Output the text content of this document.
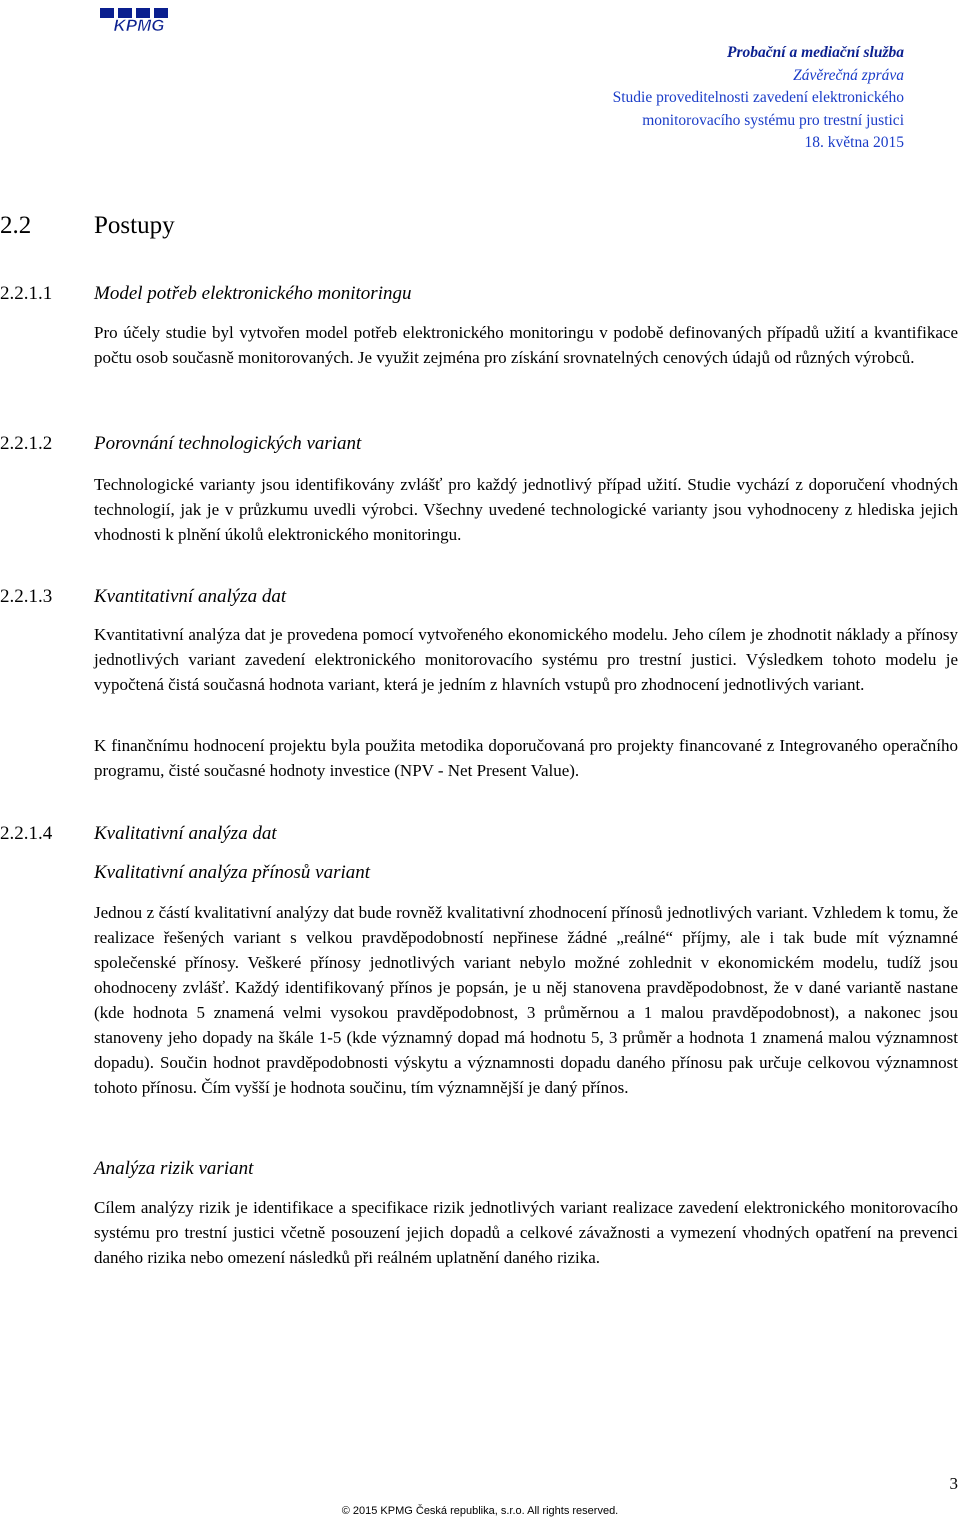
KPMG
Probační a mediační služba
Závěrečná zpráva
Studie proveditelnosti zavedení elektronického
monitorovacího systému pro trestní justici
18. května 2015
2.2	Postupy
2.2.1.1 Model potřeb elektronického monitoringu
Pro účely studie byl vytvořen model potřeb elektronického monitoringu v podobě definovaných případů užití a kvantifikace počtu osob současně monitorovaných. Je využit zejména pro získání srovnatelných cenových údajů od různých výrobců.
2.2.1.2 Porovnání technologických variant
Technologické varianty jsou identifikovány zvlášť pro každý jednotlivý případ užití. Studie vychází z doporučení vhodných technologií, jak je v průzkumu uvedli výrobci. Všechny uvedené technologické varianty jsou vyhodnoceny z hlediska jejich vhodnosti k plnění úkolů elektronického monitoringu.
2.2.1.3 Kvantitativní analýza dat
Kvantitativní analýza dat je provedena pomocí vytvořeného ekonomického modelu. Jeho cílem je zhodnotit náklady a přínosy jednotlivých variant zavedení elektronického monitorovacího systému pro trestní justici. Výsledkem tohoto modelu je vypočtená čistá současná hodnota variant, která je jedním z hlavních vstupů pro zhodnocení jednotlivých variant.
K finančnímu hodnocení projektu byla použita metodika doporučovaná pro projekty financované z Integrovaného operačního programu, čisté současné hodnoty investice (NPV - Net Present Value).
2.2.1.4 Kvalitativní analýza dat
Kvalitativní analýza přínosů variant
Jednou z částí kvalitativní analýzy dat bude rovněž kvalitativní zhodnocení přínosů jednotlivých variant. Vzhledem k tomu, že realizace řešených variant s velkou pravděpodobností nepřinese žádné „reálné“ příjmy, ale i tak bude mít významné společenské přínosy. Veškeré přínosy jednotlivých variant nebylo možné zohlednit v ekonomickém modelu, tudíž jsou ohodnoceny zvlášť. Každý identifikovaný přínos je popsán, je u něj stanovena pravděpodobnost, že v dané variantě nastane (kde hodnota 5 znamená velmi vysokou pravděpodobnost, 3 průměrnou a 1 malou pravděpodobnost), a nakonec jsou stanoveny jeho dopady na škále 1-5 (kde významný dopad má hodnotu 5, 3 průměr a hodnota 1 znamená malou významnost dopadu). Součin hodnot pravděpodobnosti výskytu a významnosti dopadu daného přínosu pak určuje celkovou významnost tohoto přínosu. Čím vyšší je hodnota součinu, tím významnější je daný přínos.
Analýza rizik variant
Cílem analýzy rizik je identifikace a specifikace rizik jednotlivých variant realizace zavedení elektronického monitorovacího systému pro trestní justici včetně posouzení jejich dopadů a celkové závažnosti a vymezení vhodných opatření na prevenci daného rizika nebo omezení následků při reálném uplatnění daného rizika.
3
© 2015 KPMG Česká republika, s.r.o. All rights reserved.
